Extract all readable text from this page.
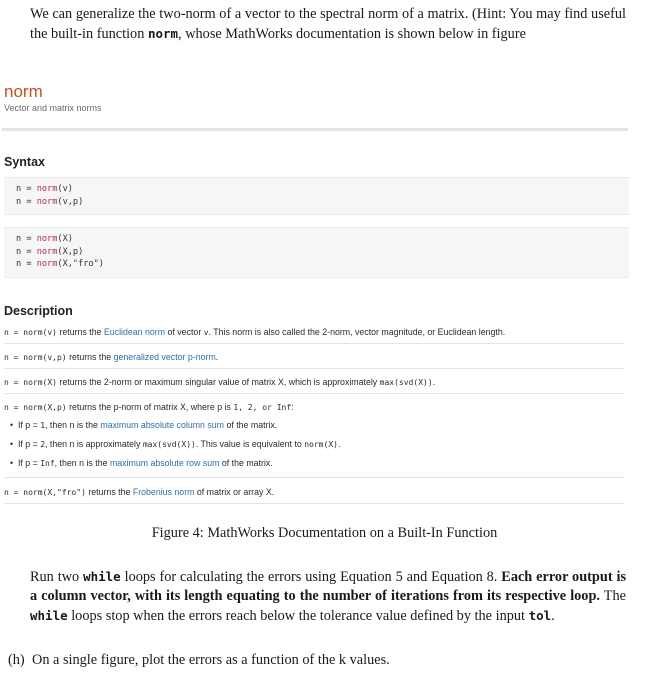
We can generalize the two-norm of a vector to the spectral norm of a matrix. (Hint: You may find useful the built-in function norm, whose MathWorks documentation is shown below in figure
norm
Vector and matrix norms
Syntax
n = norm(v)
n = norm(v,p)
n = norm(X)
n = norm(X,p)
n = norm(X,"fro")
Description
n = norm(v) returns the Euclidean norm of vector v. This norm is also called the 2-norm, vector magnitude, or Euclidean length.
n = norm(v,p) returns the generalized vector p-norm.
n = norm(X) returns the 2-norm or maximum singular value of matrix X, which is approximately max(svd(X)).
n = norm(X,p) returns the p-norm of matrix X, where p is 1, 2, or Inf:
•  If p = 1, then n is the maximum absolute column sum of the matrix.
•  If p = 2, then n is approximately max(svd(X)). This value is equivalent to norm(X).
•  If p = Inf, then n is the maximum absolute row sum of the matrix.
n = norm(X,"fro") returns the Frobenius norm of matrix or array X.
Figure 4: MathWorks Documentation on a Built-In Function
Run two while loops for calculating the errors using Equation 5 and Equation 8. Each error output is a column vector, with its length equating to the number of iterations from its respective loop. The while loops stop when the errors reach below the tolerance value defined by the input tol.
(h) On a single figure, plot the errors as a function of the k values.
